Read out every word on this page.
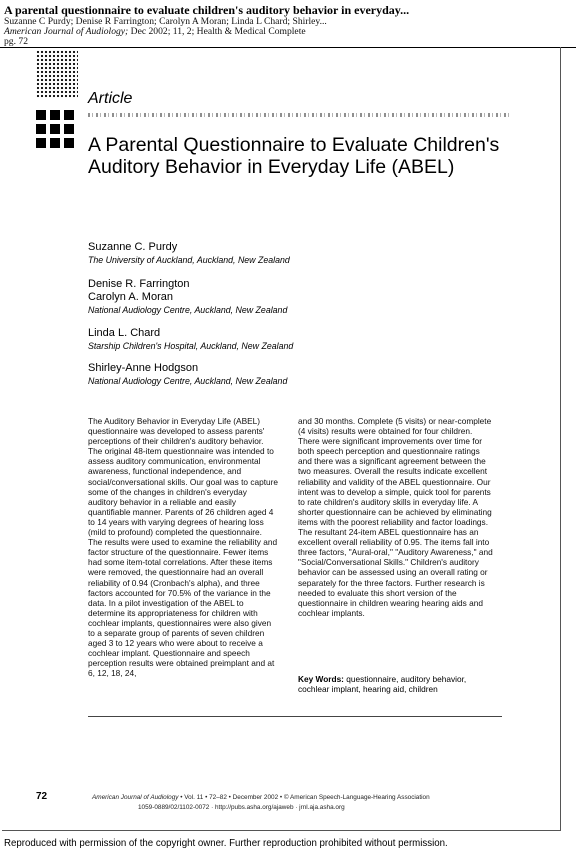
A parental questionnaire to evaluate children's auditory behavior in everyday...
Suzanne C Purdy; Denise R Farrington; Carolyn A Moran; Linda L Chard; Shirley...
American Journal of Audiology; Dec 2002; 11, 2; Health & Medical Complete
pg. 72
Article
A Parental Questionnaire to Evaluate Children's Auditory Behavior in Everyday Life (ABEL)
Suzanne C. Purdy
The University of Auckland, Auckland, New Zealand
Denise R. Farrington
Carolyn A. Moran
National Audiology Centre, Auckland, New Zealand
Linda L. Chard
Starship Children's Hospital, Auckland, New Zealand
Shirley-Anne Hodgson
National Audiology Centre, Auckland, New Zealand
The Auditory Behavior in Everyday Life (ABEL) questionnaire was developed to assess parents' perceptions of their children's auditory behavior. The original 48-item questionnaire was intended to assess auditory communication, environmental awareness, functional independence, and social/conversational skills. Our goal was to capture some of the changes in children's everyday auditory behavior in a reliable and easily quantifiable manner. Parents of 26 children aged 4 to 14 years with varying degrees of hearing loss (mild to profound) completed the questionnaire. The results were used to examine the reliability and factor structure of the questionnaire. Fewer items had some item-total correlations. After these items were removed, the questionnaire had an overall reliability of 0.94 (Cronbach's alpha), and three factors accounted for 70.5% of the variance in the data. In a pilot investigation of the ABEL to determine its appropriateness for children with cochlear implants, questionnaires were also given to a separate group of parents of seven children aged 3 to 12 years who were about to receive a cochlear implant. Questionnaire and speech perception results were obtained preimplant and at 6, 12, 18, 24,
and 30 months. Complete (5 visits) or near-complete (4 visits) results were obtained for four children. There were significant improvements over time for both speech perception and questionnaire ratings and there was a significant agreement between the two measures. Overall the results indicate excellent reliability and validity of the ABEL questionnaire. Our intent was to develop a simple, quick tool for parents to rate children's auditory skills in everyday life. A shorter questionnaire can be achieved by eliminating items with the poorest reliability and factor loadings. The resultant 24-item ABEL questionnaire has an excellent overall reliability of 0.95. The items fall into three factors, "Aural-oral," "Auditory Awareness," and "Social/Conversational Skills." Children's auditory behavior can be assessed using an overall rating or separately for the three factors. Further research is needed to evaluate this short version of the questionnaire in children wearing hearing aids and cochlear implants.
Key Words: questionnaire, auditory behavior, cochlear implant, hearing aid, children
72	American Journal of Audiology • Vol. 11 • 72–82 • December 2002 • © American Speech-Language-Hearing Association
1059-0889/02/1102-0072 · http://pubs.asha.org/ajaweb · jrnl.aja.asha.org
Reproduced with permission of the copyright owner. Further reproduction prohibited without permission.
